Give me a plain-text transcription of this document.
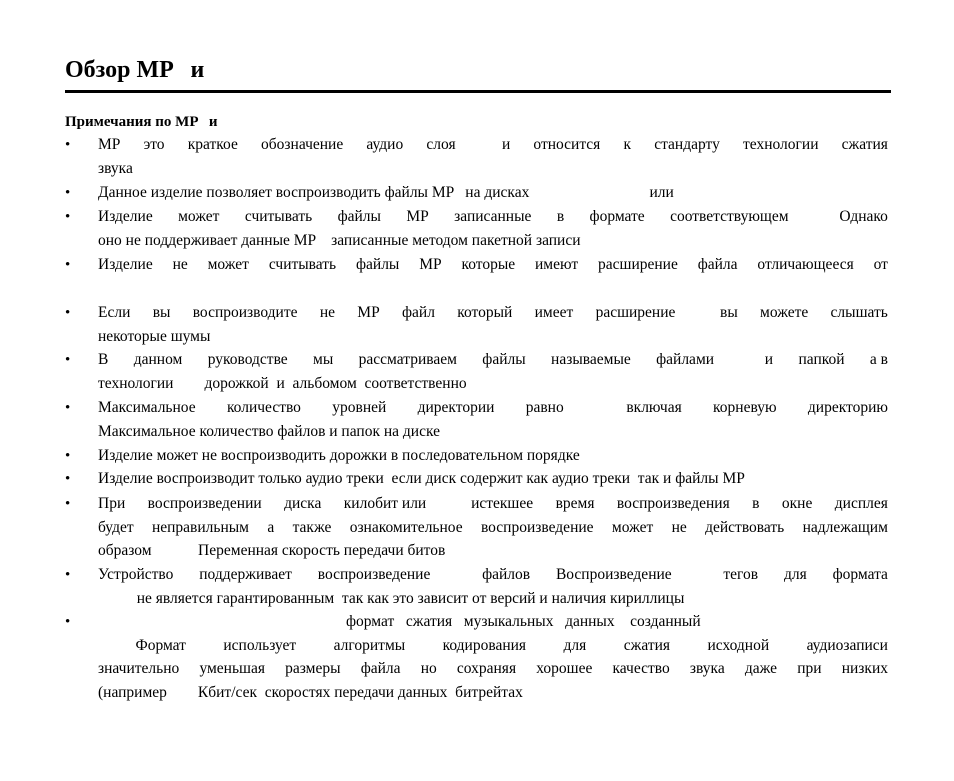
Обзор MP   и
Примечания по MP   и
• MP это краткое обозначение аудио слоя	и относится к стандарту технологии сжатия
звука
• Данное изделие позволяет воспроизводить файлы MP   на дисках                               или
• Изделие может считывать файлы MP записанные в формате соответствующем	Однако
оно не поддерживает данные MP    записанные методом пакетной записи
• Изделие не может считывать файлы MP которые имеют расширение файла отличающееся от
• Если вы воспроизводите не MP файл который имеет расширение	вы можете слышать
некоторые шумы
• В данном руководстве мы рассматриваем файлы называемые файлами	и папкой а в
технологии        дорожкой  и  альбомом  соответственно
• Максимальное количество уровней директории равно	включая корневую директорию
Максимальное количество файлов и папок на диске
• Изделие может не воспроизводить дорожки в последовательном порядке
• Изделие воспроизводит только аудио треки  если диск содержит как аудио треки  так и файлы MP
• При воспроизведении диска килобит или	истекшее время воспроизведения в окне дисплея
будет неправильным а также ознакомительное воспроизведение может не действовать надлежащим
образом            Переменная скорость передачи битов
• Устройство поддерживает воспроизведение	файлов Воспроизведение	тегов для формата
не является гарантированным  так как это зависит от версий и наличия кириллицы
• формат   сжатия   музыкальных   данных    созданный
Формат использует алгоритмы кодирования для сжатия исходной аудиозаписи
значительно уменьшая размеры файла но сохраняя хорошее качество звука даже при низких
(например        Кбит/сек  скоростях передачи данных  битрейтах
